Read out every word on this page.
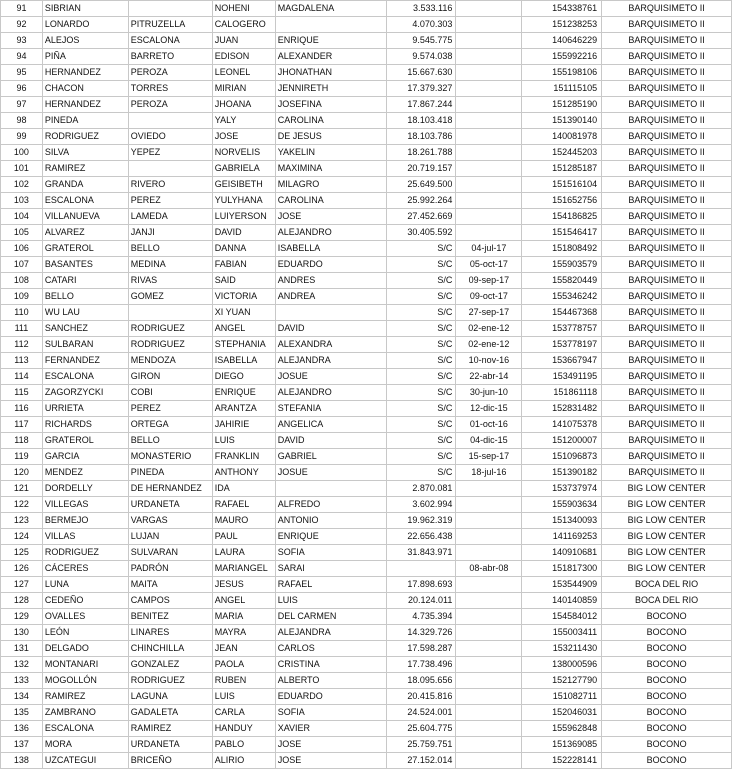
91	SIBRIAN		NOHENI	MAGDALENA	3.533.116		154338761	BARQUISIMETO II
92	LONARDO	PITRUZELLA	CALOGERO		4.070.303		151238253	BARQUISIMETO II
93	ALEJOS	ESCALONA	JUAN	ENRIQUE	9.545.775		140646229	BARQUISIMETO II
94	PIÑA	BARRETO	EDISON	ALEXANDER	9.574.038		155992216	BARQUISIMETO II
95	HERNANDEZ	PEROZA	LEONEL	JHONATHAN	15.667.630		155198106	BARQUISIMETO II
96	CHACON	TORRES	MIRIAN	JENNIRETH	17.379.327		151115105	BARQUISIMETO II
97	HERNANDEZ	PEROZA	JHOANA	JOSEFINA	17.867.244		151285190	BARQUISIMETO II
98	PINEDA		YALY	CAROLINA	18.103.418		151390140	BARQUISIMETO II
99	RODRIGUEZ	OVIEDO	JOSE	DE JESUS	18.103.786		140081978	BARQUISIMETO II
100	SILVA	YEPEZ	NORVELIS	YAKELIN	18.261.788		152445203	BARQUISIMETO II
101	RAMIREZ		GABRIELA	MAXIMINA	20.719.157		151285187	BARQUISIMETO II
102	GRANDA	RIVERO	GEISIBETH	MILAGRO	25.649.500		151516104	BARQUISIMETO II
103	ESCALONA	PEREZ	YULYHANA	CAROLINA	25.992.264		151652756	BARQUISIMETO II
104	VILLANUEVA	LAMEDA	LUIYERSON	JOSE	27.452.669		154186825	BARQUISIMETO II
105	ALVAREZ	JANJI	DAVID	ALEJANDRO	30.405.592		151546417	BARQUISIMETO II
106	GRATEROL	BELLO	DANNA	ISABELLA	S/C	04-jul-17	151808492	BARQUISIMETO II
107	BASANTES	MEDINA	FABIAN	EDUARDO	S/C	05-oct-17	155903579	BARQUISIMETO II
108	CATARI	RIVAS	SAID	ANDRES	S/C	09-sep-17	155820449	BARQUISIMETO II
109	BELLO	GOMEZ	VICTORIA	ANDREA	S/C	09-oct-17	155346242	BARQUISIMETO II
110	WU LAU		XI YUAN		S/C	27-sep-17	154467368	BARQUISIMETO II
111	SANCHEZ	RODRIGUEZ	ANGEL	DAVID	S/C	02-ene-12	153778757	BARQUISIMETO II
112	SULBARAN	RODRIGUEZ	STEPHANIA	ALEXANDRA	S/C	02-ene-12	153778197	BARQUISIMETO II
113	FERNANDEZ	MENDOZA	ISABELLA	ALEJANDRA	S/C	10-nov-16	153667947	BARQUISIMETO II
114	ESCALONA	GIRON	DIEGO	JOSUE	S/C	22-abr-14	153491195	BARQUISIMETO II
115	ZAGORZYCKI	COBI	ENRIQUE	ALEJANDRO	S/C	30-jun-10	151861118	BARQUISIMETO II
116	URRIETA	PEREZ	ARANTZA	STEFANIA	S/C	12-dic-15	152831482	BARQUISIMETO II
117	RICHARDS	ORTEGA	JAHIRIE	ANGELICA	S/C	01-oct-16	141075378	BARQUISIMETO II
118	GRATEROL	BELLO	LUIS	DAVID	S/C	04-dic-15	151200007	BARQUISIMETO II
119	GARCIA	MONASTERIO	FRANKLIN	GABRIEL	S/C	15-sep-17	151096873	BARQUISIMETO II
120	MENDEZ	PINEDA	ANTHONY	JOSUE	S/C	18-jul-16	151390182	BARQUISIMETO II
121	DORDELLY	DE HERNANDEZ	IDA		2.870.081		153737974	BIG LOW CENTER
122	VILLEGAS	URDANETA	RAFAEL	ALFREDO	3.602.994		155903634	BIG LOW CENTER
123	BERMEJO	VARGAS	MAURO	ANTONIO	19.962.319		151340093	BIG LOW CENTER
124	VILLAS	LUJAN	PAUL	ENRIQUE	22.656.438		141169253	BIG LOW CENTER
125	RODRIGUEZ	SULVARAN	LAURA	SOFIA	31.843.971		140910681	BIG LOW CENTER
126	CÁCERES	PADRÓN	MARIANGEL	SARAI		08-abr-08	151817300	BIG LOW CENTER
127	LUNA	MAITA	JESUS	RAFAEL	17.898.693		153544909	BOCA DEL RIO
128	CEDEÑO	CAMPOS	ANGEL	LUIS	20.124.011		140140859	BOCA DEL RIO
129	OVALLES	BENITEZ	MARIA	DEL CARMEN	4.735.394		154584012	BOCONO
130	LEÓN	LINARES	MAYRA	ALEJANDRA	14.329.726		155003411	BOCONO
131	DELGADO	CHINCHILLA	JEAN	CARLOS	17.598.287		153211430	BOCONO
132	MONTANARI	GONZALEZ	PAOLA	CRISTINA	17.738.496		138000596	BOCONO
133	MOGOLLÓN	RODRIGUEZ	RUBEN	ALBERTO	18.095.656		152127790	BOCONO
134	RAMIREZ	LAGUNA	LUIS	EDUARDO	20.415.816		151082711	BOCONO
135	ZAMBRANO	GADALETA	CARLA	SOFIA	24.524.001		152046031	BOCONO
136	ESCALONA	RAMIREZ	HANDUY	XAVIER	25.604.775		155962848	BOCONO
137	MORA	URDANETA	PABLO	JOSE	25.759.751		151369085	BOCONO
138	UZCATEGUI	BRICEÑO	ALIRIO	JOSE	27.152.014		152228141	BOCONO
